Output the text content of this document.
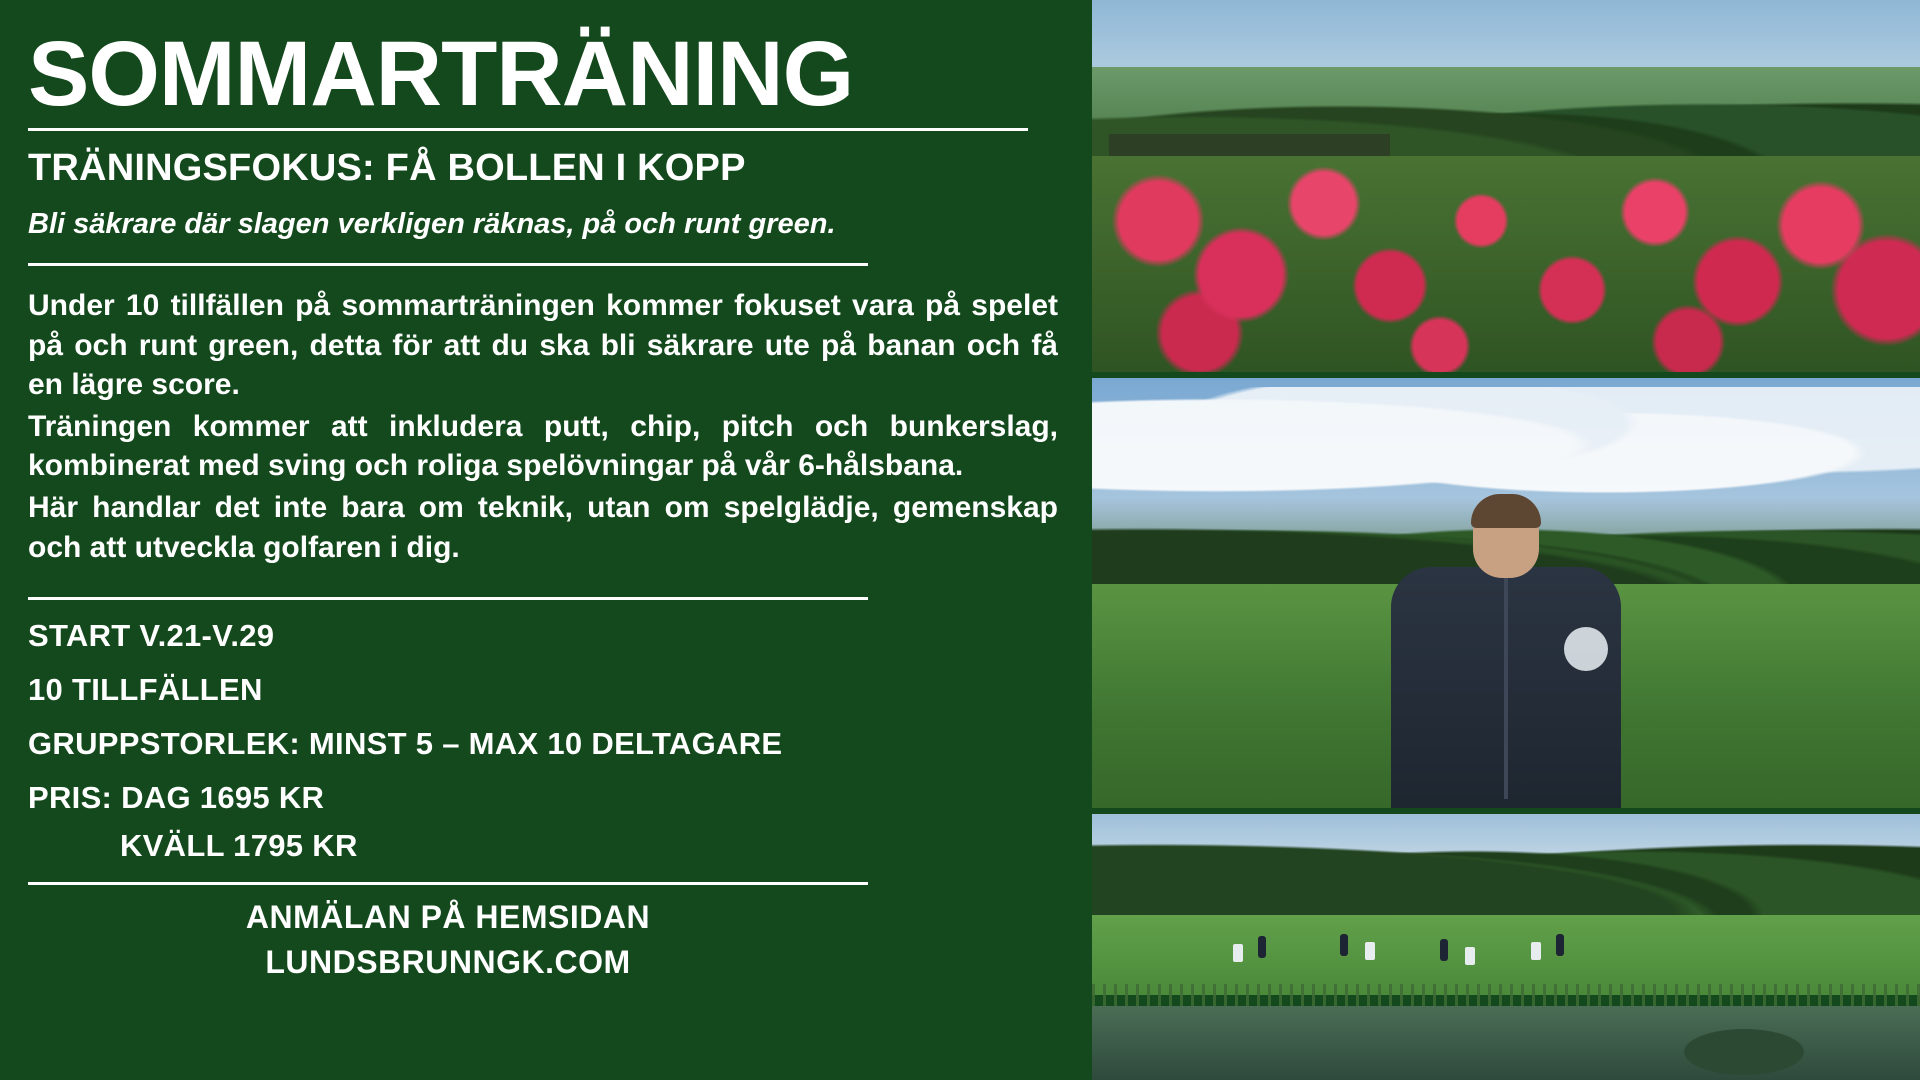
SOMMARTRÄNING
TRÄNINGSFOKUS: FÅ BOLLEN I KOPP
Bli säkrare där slagen verkligen räknas, på och runt green.

Under 10 tillfällen på sommarträningen kommer fokuset vara på spelet på och runt green, detta för att du ska bli säkrare ute på banan och få en lägre score.

Träningen kommer att inkludera putt, chip, pitch och bunkerslag, kombinerat med sving och roliga spelövningar på vår 6-hålsbana.

Här handlar det inte bara om teknik, utan om spelglädje, gemenskap och att utveckla golfaren i dig.

START V.21-V.29
10 TILLFÄLLEN
GRUPPSTORLEK: MINST 5 – MAX 10 DELTAGARE
PRIS: DAG 1695 KR
KVÄLL 1795 KR
ANMÄLAN PÅ HEMSIDAN
LUNDSBRUNNGK.COM
